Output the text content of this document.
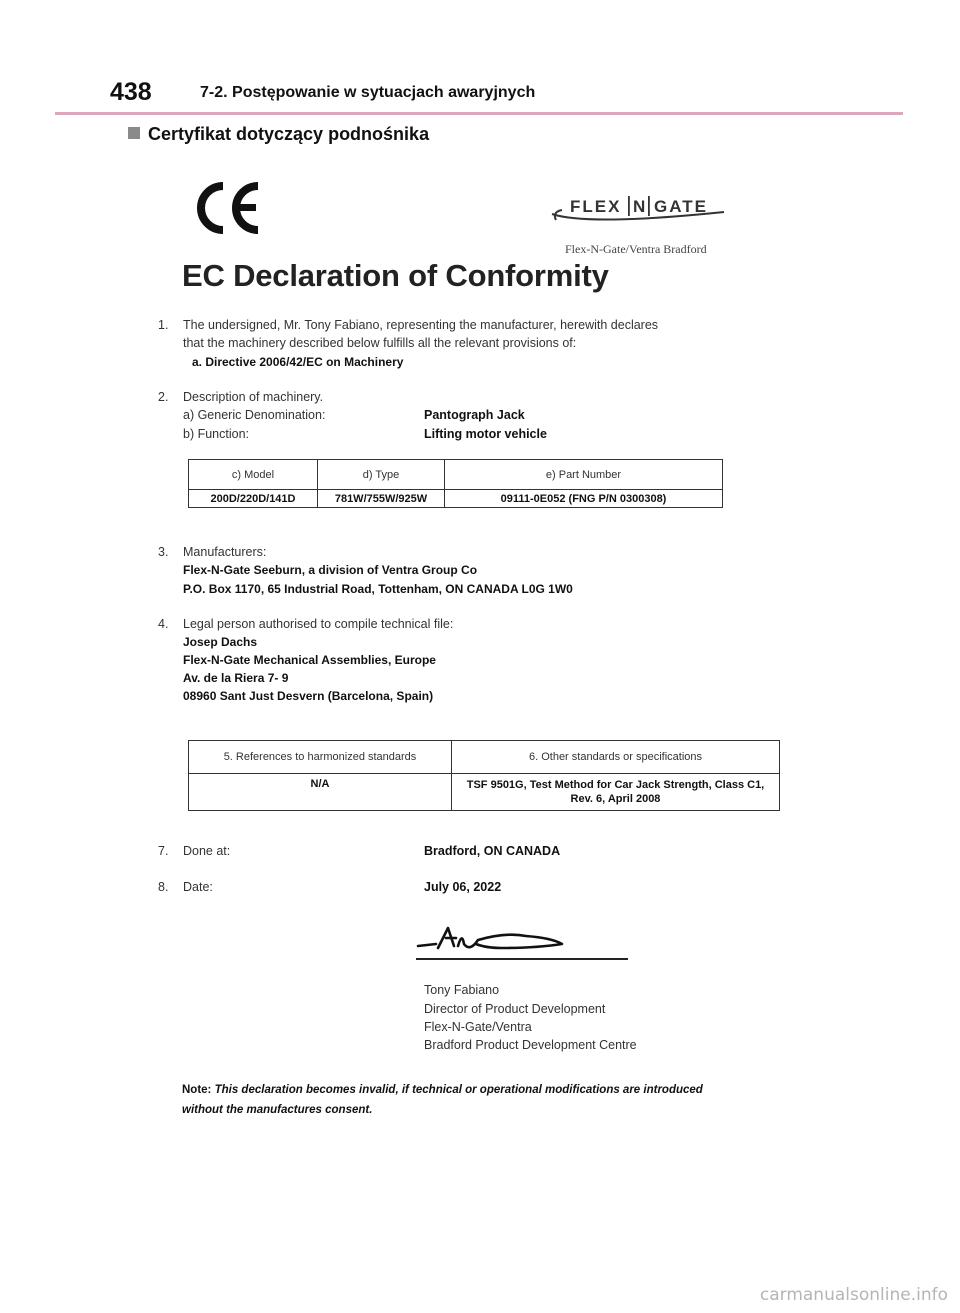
438	7-2. Postępowanie w sytuacjach awaryjnych
Certyfikat dotyczący podnośnika
FLEX N GATE
Flex-N-Gate/Ventra Bradford
EC Declaration of Conformity
1. The undersigned, Mr. Tony Fabiano, representing the manufacturer, herewith declares
that the machinery described below fulfills all the relevant provisions of:
a. Directive 2006/42/EC on Machinery
2. Description of machinery.
a) Generic Denomination:	Pantograph Jack
b) Function:	Lifting motor vehicle
c) Model	d) Type	e) Part Number
200D/220D/141D	781W/755W/925W	09111-0E052 (FNG P/N 0300308)
3. Manufacturers:
Flex-N-Gate Seeburn, a division of Ventra Group Co
P.O. Box 1170, 65 Industrial Road, Tottenham, ON CANADA L0G 1W0
4. Legal person authorised to compile technical file:
Josep Dachs
Flex-N-Gate Mechanical Assemblies, Europe
Av. de la Riera 7- 9
08960 Sant Just Desvern (Barcelona, Spain)
5. References to harmonized standards	6. Other standards or specifications
N/A	TSF 9501G, Test Method for Car Jack Strength, Class C1,
Rev. 6, April 2008
7. Done at:	Bradford, ON CANADA
8. Date:	July 06, 2022
Tony Fabiano
Director of Product Development
Flex-N-Gate/Ventra
Bradford Product Development Centre
Note: This declaration becomes invalid, if technical or operational modifications are introduced
without the manufactures consent.
carmanualsonline.info
